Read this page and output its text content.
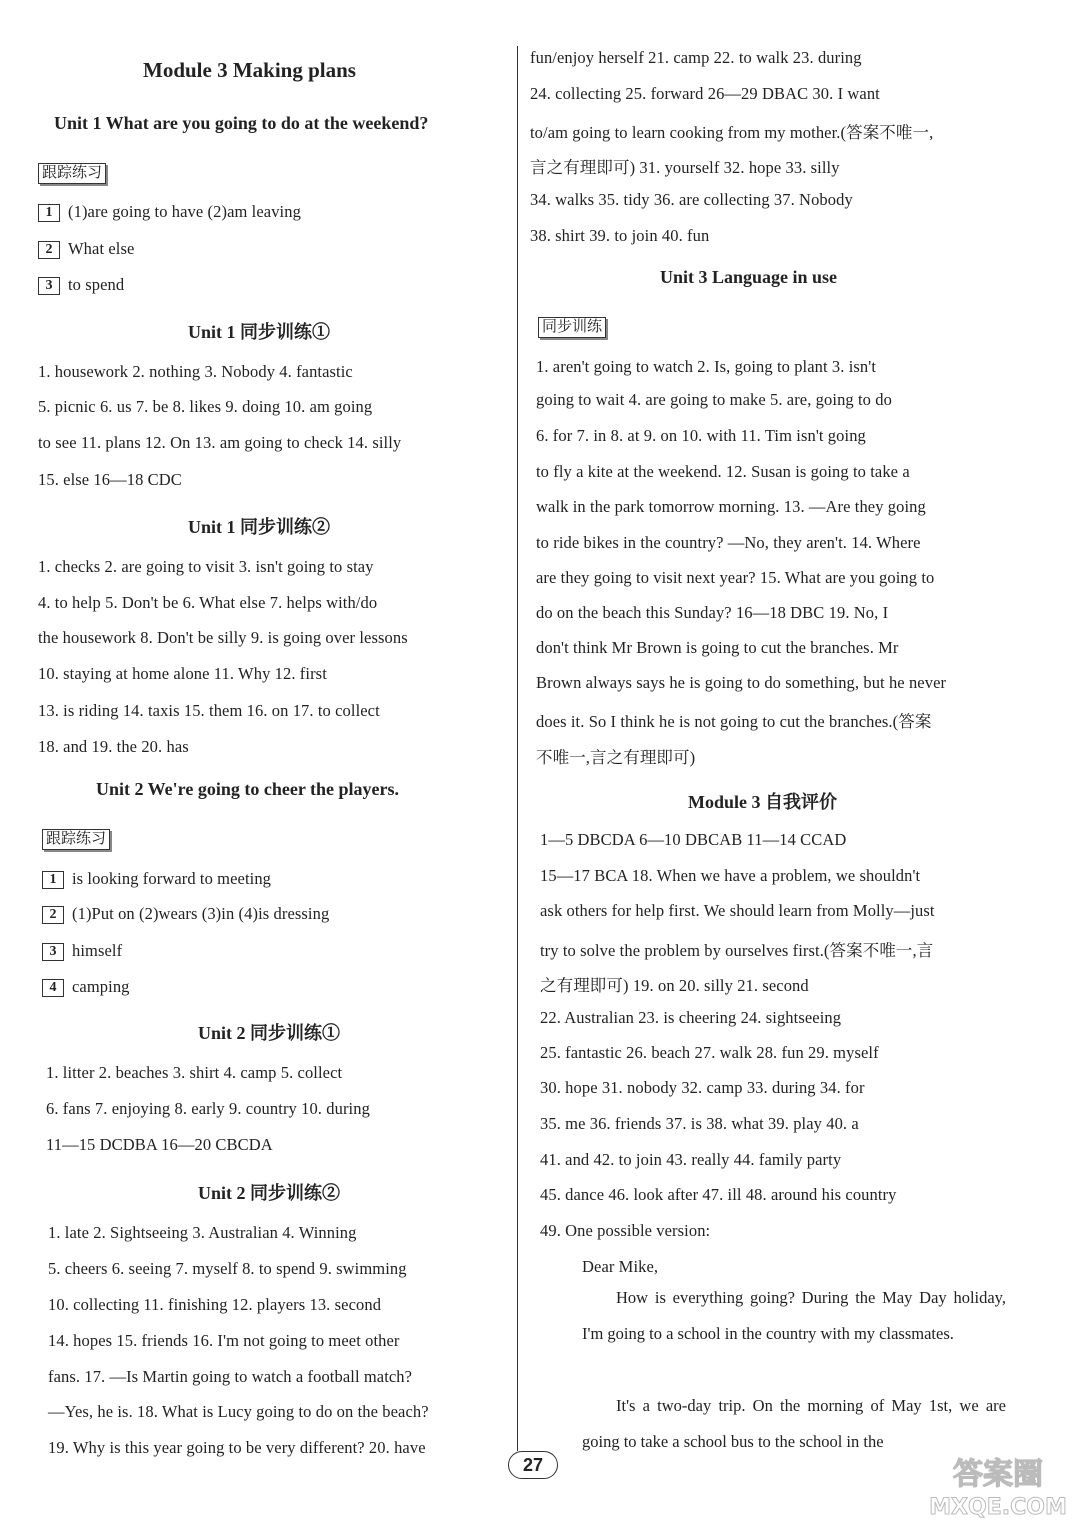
Module 3 Making plans
Unit 1 What are you going to do at the weekend?
跟踪练习
1 (1)are going to have (2)am leaving
2 What else
3 to spend
Unit 1 同步训练①
1. housework 2. nothing 3. Nobody 4. fantastic
5. picnic 6. us 7. be 8. likes 9. doing 10. am going
to see 11. plans 12. On 13. am going to check 14. silly
15. else 16—18 CDC
Unit 1 同步训练②
1. checks 2. are going to visit 3. isn't going to stay
4. to help 5. Don't be 6. What else 7. helps with/do
the housework 8. Don't be silly 9. is going over lessons
10. staying at home alone 11. Why 12. first
13. is riding 14. taxis 15. them 16. on 17. to collect
18. and 19. the 20. has
Unit 2 We're going to cheer the players.
跟踪练习
1 is looking forward to meeting
2 (1)Put on (2)wears (3)in (4)is dressing
3 himself
4 camping
Unit 2 同步训练①
1. litter 2. beaches 3. shirt 4. camp 5. collect
6. fans 7. enjoying 8. early 9. country 10. during
11—15 DCDBA 16—20 CBCDA
Unit 2 同步训练②
1. late 2. Sightseeing 3. Australian 4. Winning
5. cheers 6. seeing 7. myself 8. to spend 9. swimming
10. collecting 11. finishing 12. players 13. second
14. hopes 15. friends 16. I'm not going to meet other
fans. 17. —Is Martin going to watch a football match?
—Yes, he is. 18. What is Lucy going to do on the beach?
19. Why is this year going to be very different? 20. have
fun/enjoy herself 21. camp 22. to walk 23. during
24. collecting 25. forward 26—29 DBAC 30. I want
to/am going to learn cooking from my mother.(答案不唯一,
言之有理即可) 31. yourself 32. hope 33. silly
34. walks 35. tidy 36. are collecting 37. Nobody
38. shirt 39. to join 40. fun
Unit 3 Language in use
同步训练
1. aren't going to watch 2. Is, going to plant 3. isn't
going to wait 4. are going to make 5. are, going to do
6. for 7. in 8. at 9. on 10. with 11. Tim isn't going
to fly a kite at the weekend. 12. Susan is going to take a
walk in the park tomorrow morning. 13. —Are they going
to ride bikes in the country? —No, they aren't. 14. Where
are they going to visit next year? 15. What are you going to
do on the beach this Sunday? 16—18 DBC 19. No, I
don't think Mr Brown is going to cut the branches. Mr
Brown always says he is going to do something, but he never
does it. So I think he is not going to cut the branches.(答案
不唯一,言之有理即可)
Module 3 自我评价
1—5 DBCDA 6—10 DBCAB 11—14 CCAD
15—17 BCA 18. When we have a problem, we shouldn't
ask others for help first. We should learn from Molly—just
try to solve the problem by ourselves first.(答案不唯一,言
之有理即可) 19. on 20. silly 21. second
22. Australian 23. is cheering 24. sightseeing
25. fantastic 26. beach 27. walk 28. fun 29. myself
30. hope 31. nobody 32. camp 33. during 34. for
35. me 36. friends 37. is 38. what 39. play 40. a
41. and 42. to join 43. really 44. family party
45. dance 46. look after 47. ill 48. around his country
49. One possible version:
Dear Mike,
How is everything going? During the May Day holiday, I'm going to a school in the country with my classmates.
It's a two-day trip. On the morning of May 1st, we are going to take a school bus to the school in the
27	答案圈
MXQE.COM
